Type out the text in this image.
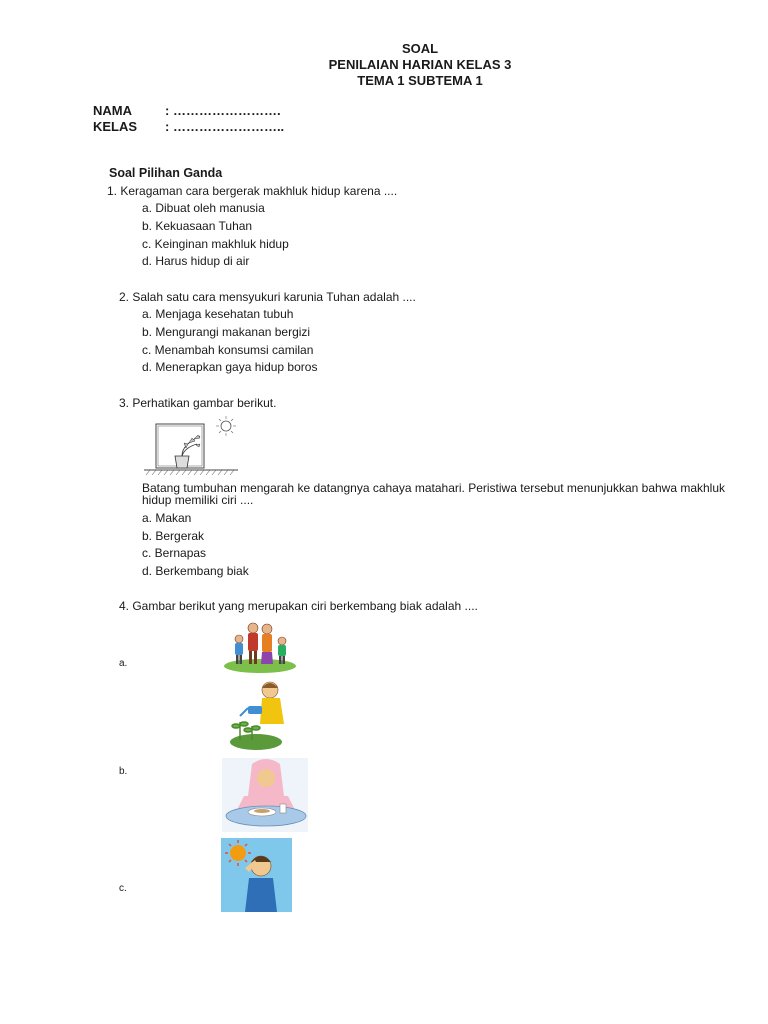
SOAL
PENILAIAN HARIAN KELAS 3
TEMA 1 SUBTEMA 1
NAMA	: …………………….
KELAS : ……………………..
Soal Pilihan Ganda
1. Keragaman cara bergerak makhluk hidup karena ....
a. Dibuat oleh manusia
b. Kekuasaan Tuhan
c. Keinginan makhluk hidup
d. Harus hidup di air
2. Salah satu cara mensyukuri karunia Tuhan adalah ....
a. Menjaga kesehatan tubuh
b. Mengurangi makanan bergizi
c. Menambah konsumsi camilan
d. Menerapkan gaya hidup boros
3. Perhatikan gambar berikut.
Batang tumbuhan mengarah ke datangnya cahaya matahari. Peristiwa tersebut menunjukkan bahwa makhluk hidup memiliki ciri ....
a. Makan
b. Bergerak
c. Bernapas
d. Berkembang biak
4. Gambar berikut yang merupakan ciri berkembang biak adalah ....
a.
b.
c.
